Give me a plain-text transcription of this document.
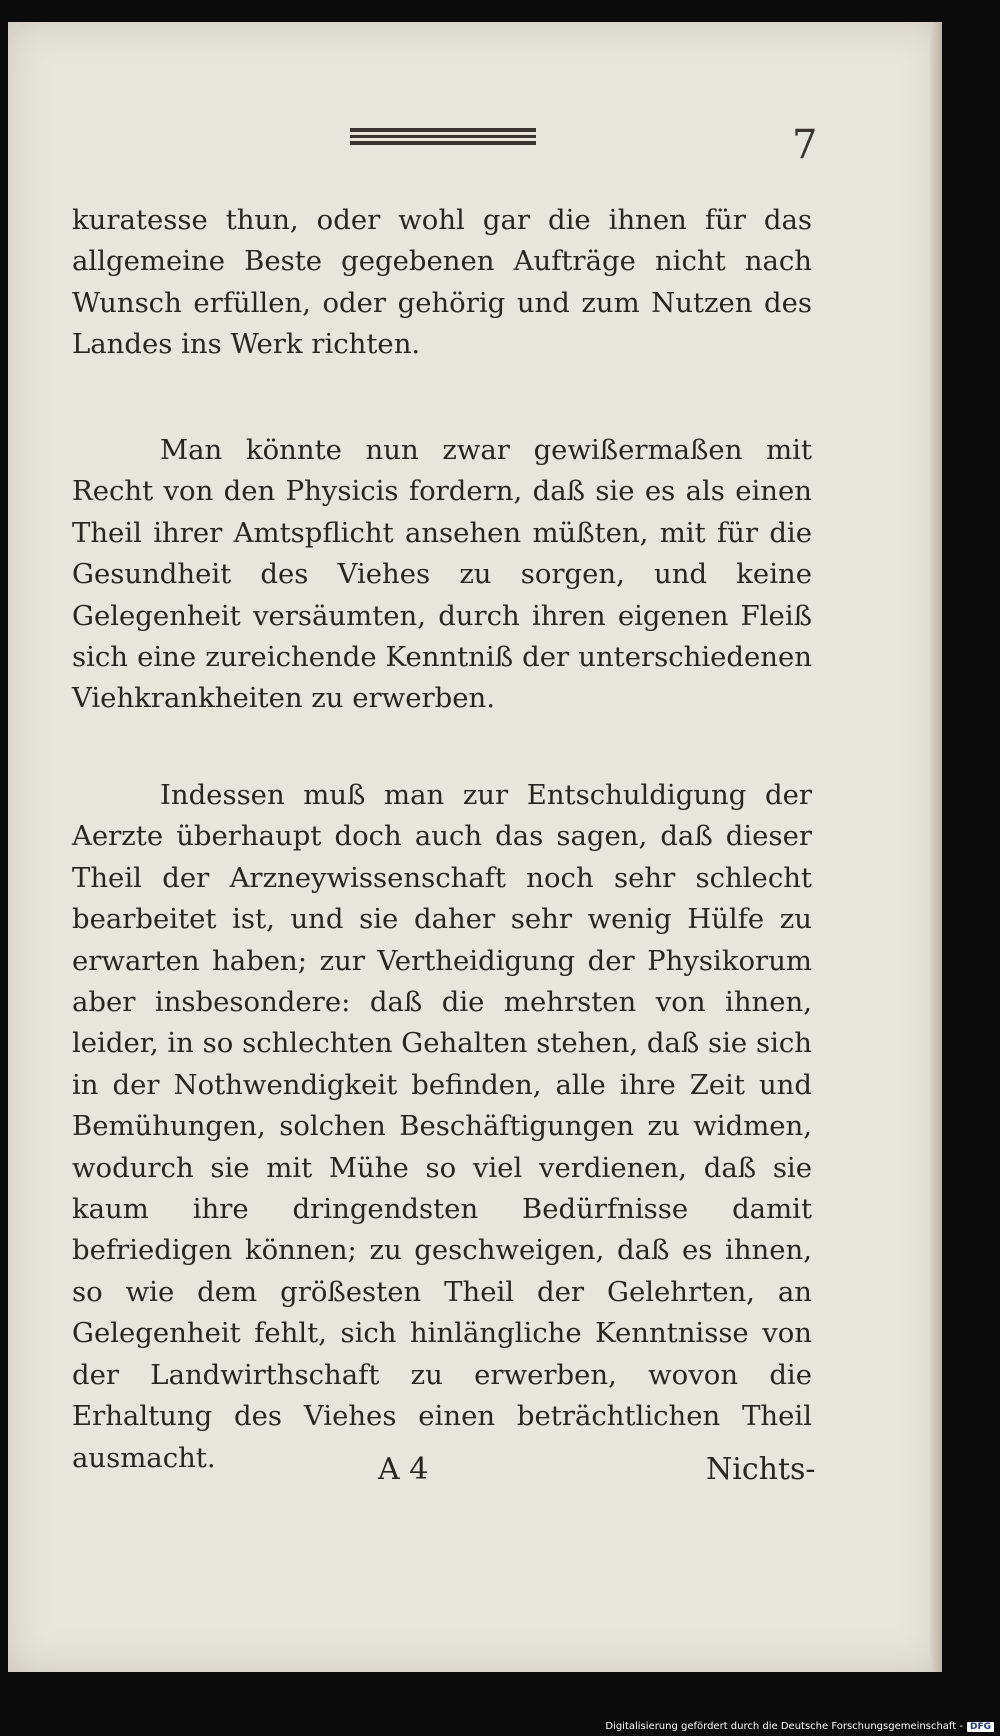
7

kuratesse thun, oder wohl gar die ihnen für das allgemeine Beste gegebenen Aufträge nicht nach Wunsch erfüllen, oder gehörig und zum Nutzen des Landes ins Werk richten.

Man könnte nun zwar gewißermaßen mit Recht von den Physicis fordern, daß sie es als einen Theil ihrer Amtspflicht ansehen müßten, mit für die Gesundheit des Viehes zu sorgen, und keine Gelegenheit versäumten, durch ihren eigenen Fleiß sich eine zureichende Kenntniß der unterschiedenen Viehkrankheiten zu erwerben.

Indessen muß man zur Entschuldigung der Aerzte überhaupt doch auch das sagen, daß dieser Theil der Arzneywissenschaft noch sehr schlecht bearbeitet ist, und sie daher sehr wenig Hülfe zu erwarten haben; zur Vertheidigung der Physikorum aber insbesondere: daß die mehrsten von ihnen, leider, in so schlechten Gehalten stehen, daß sie sich in der Nothwendigkeit befinden, alle ihre Zeit und Bemühungen, solchen Beschäftigungen zu widmen, wodurch sie mit Mühe so viel verdienen, daß sie kaum ihre dringendsten Bedürfnisse damit befriedigen können; zu geschweigen, daß es ihnen, so wie dem größesten Theil der Gelehrten, an Gelegenheit fehlt, sich hinlängliche Kenntnisse von der Landwirthschaft zu erwerben, wovon die Erhaltung des Viehes einen beträchtlichen Theil ausmacht.	A 4	Nichts-
Digitalisierung gefördert durch die Deutsche Forschungsgemeinschaft - DFG
